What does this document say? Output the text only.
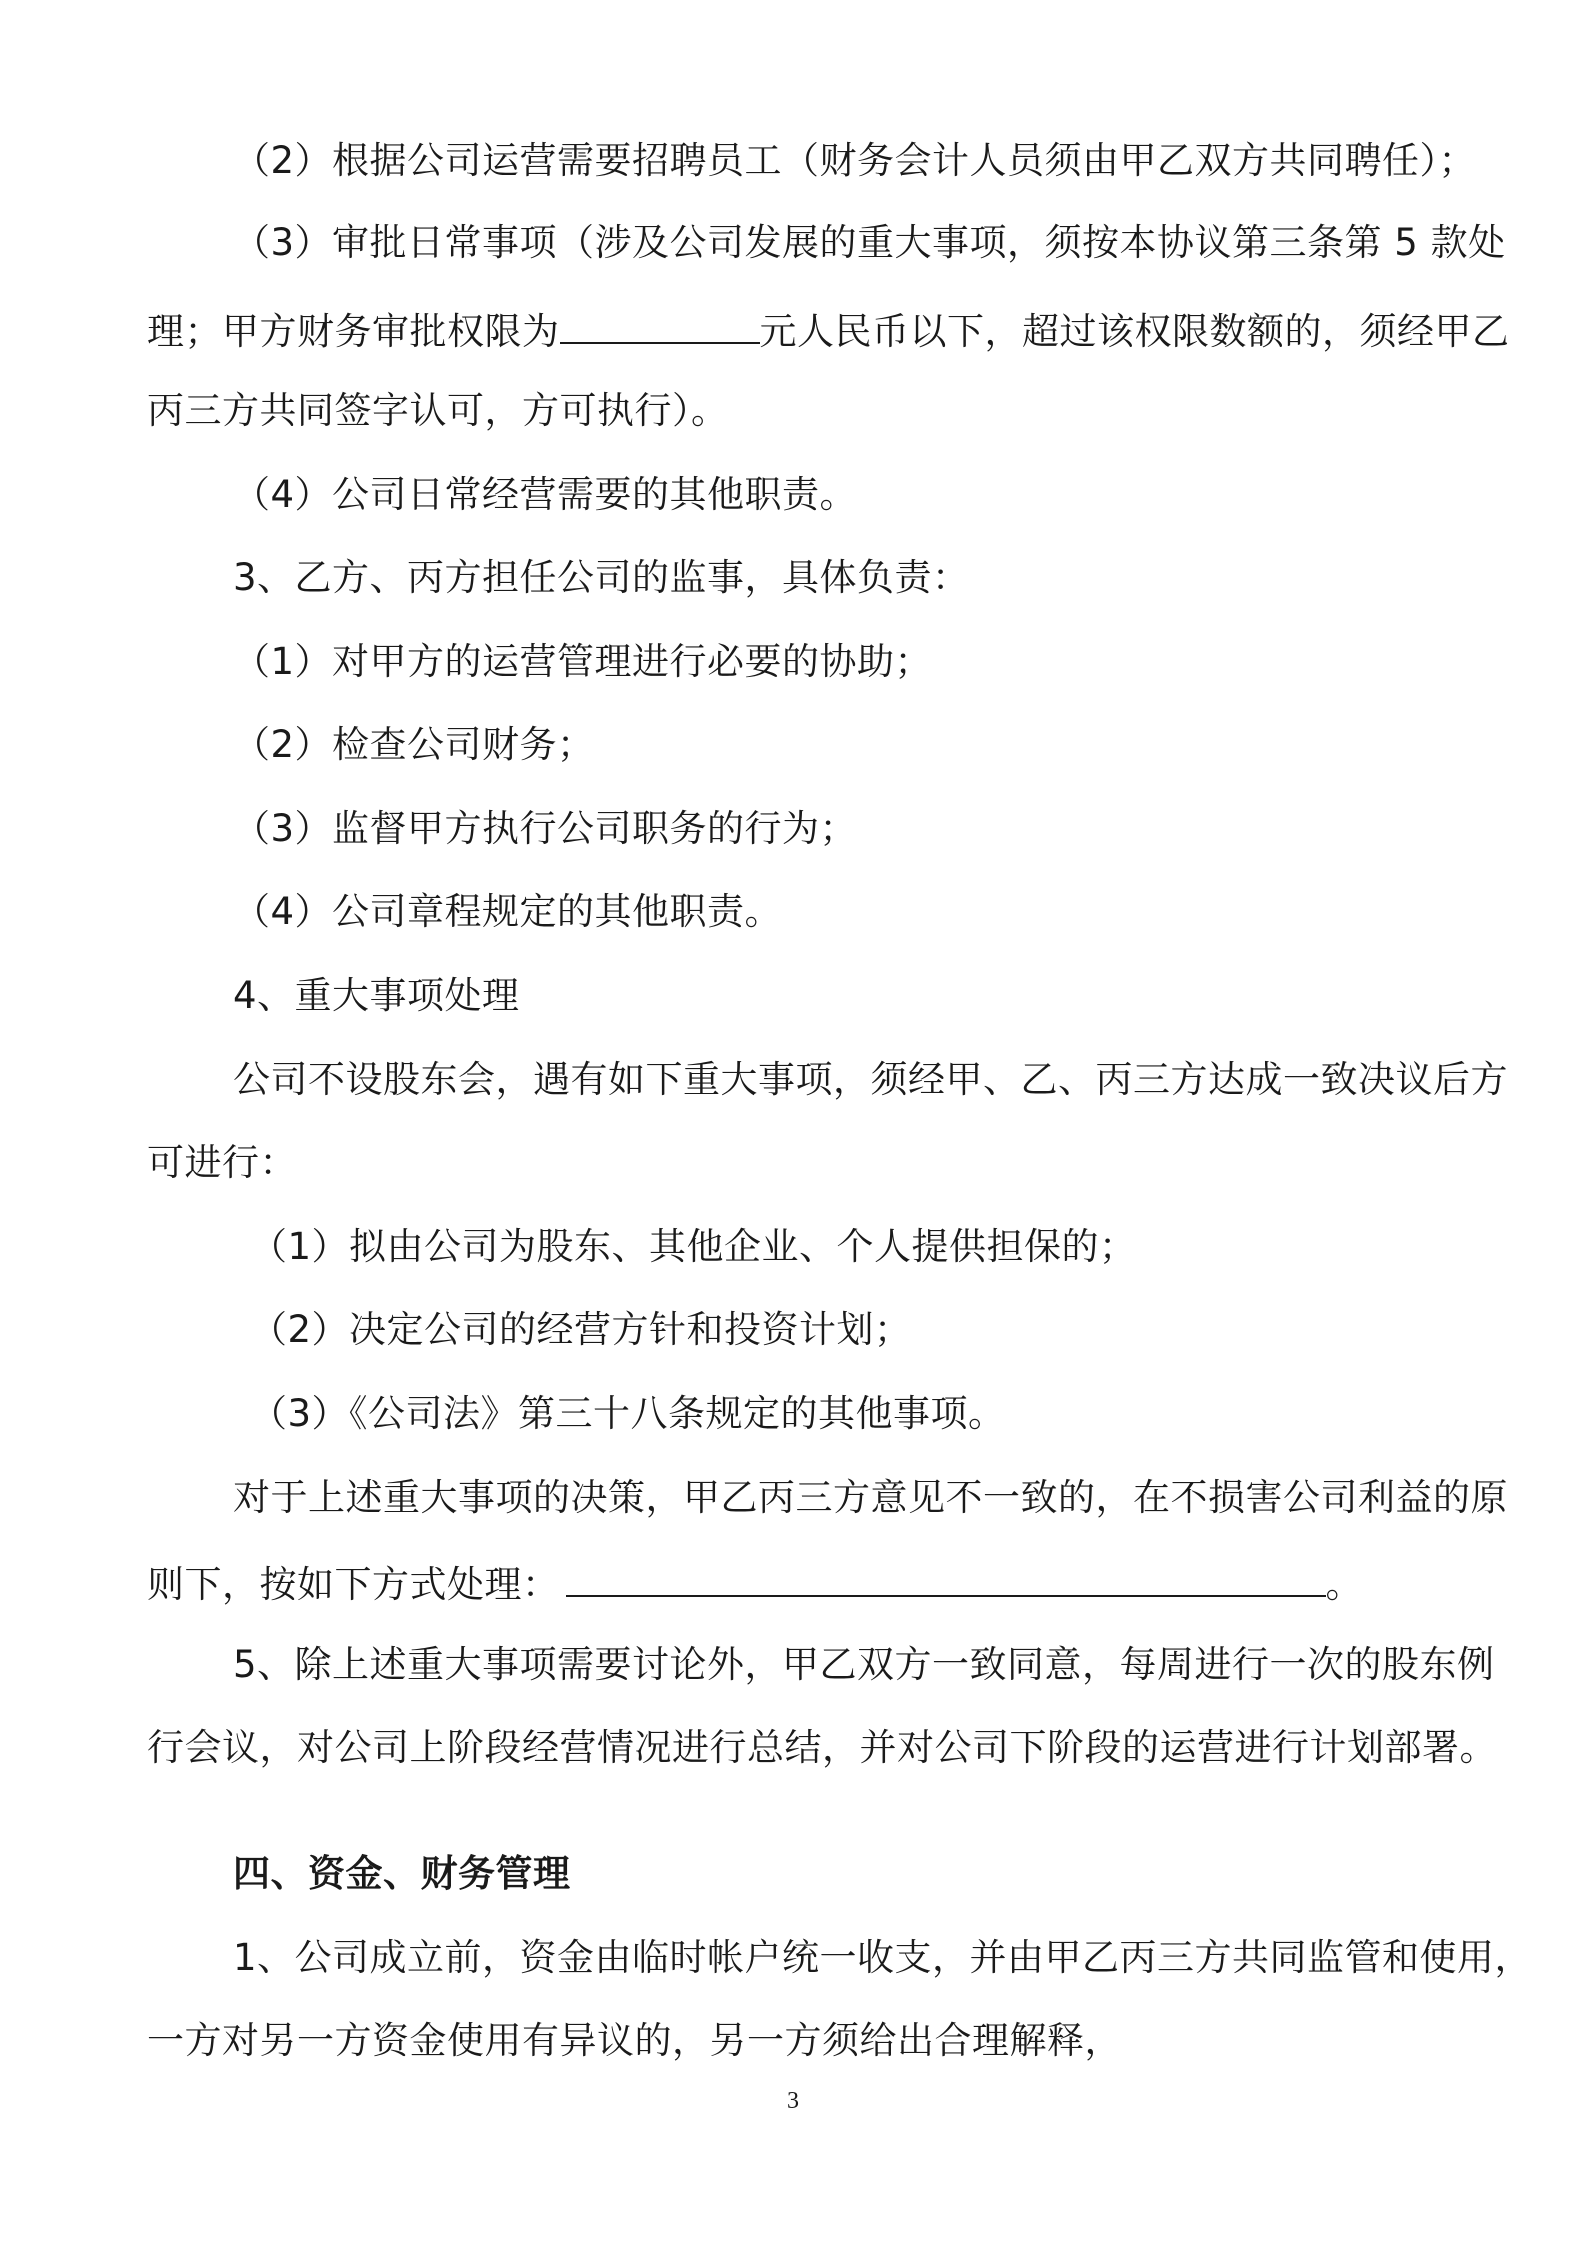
（2）根据公司运营需要招聘员工（财务会计人员须由甲乙双方共同聘任）；
（3）审批日常事项（涉及公司发展的重大事项，须按本协议第三条第 5 款处
理；甲方财务审批权限为	元人民币以下，超过该权限数额的，须经甲乙
丙三方共同签字认可，方可执行）。
（4）公司日常经营需要的其他职责。
3、乙方、丙方担任公司的监事，具体负责：
（1）对甲方的运营管理进行必要的协助；
（2）检查公司财务；
（3）监督甲方执行公司职务的行为；
（4）公司章程规定的其他职责。
4、重大事项处理
公司不设股东会，遇有如下重大事项，须经甲、乙、丙三方达成一致决议后方
可进行：
（1）拟由公司为股东、其他企业、个人提供担保的；
（2）决定公司的经营方针和投资计划；
（3）《公司法》第三十八条规定的其他事项。
对于上述重大事项的决策，甲乙丙三方意见不一致的，在不损害公司利益的原
则下，按如下方式处理：	。
5、除上述重大事项需要讨论外，甲乙双方一致同意，每周进行一次的股东例
行会议，对公司上阶段经营情况进行总结，并对公司下阶段的运营进行计划部署。
四、资金、财务管理
1、公司成立前，资金由临时帐户统一收支，并由甲乙丙三方共同监管和使用，
一方对另一方资金使用有异议的，另一方须给出合理解释，
3
